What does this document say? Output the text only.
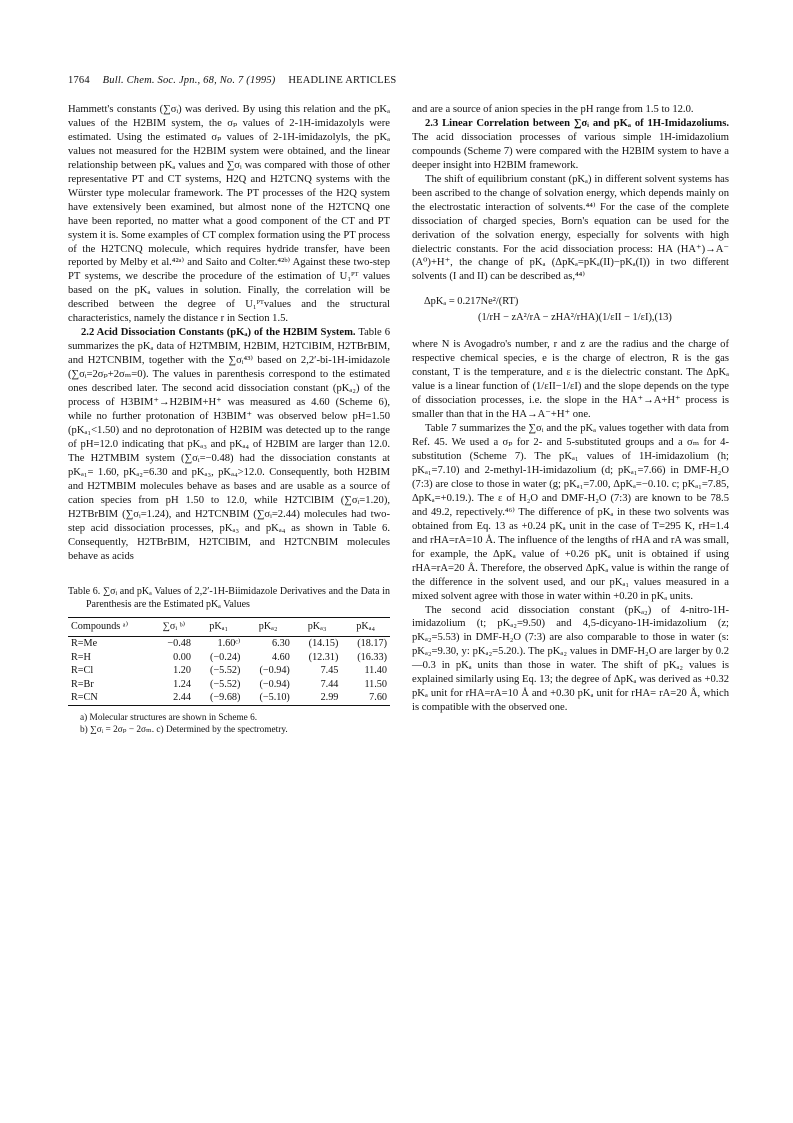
1764 Bull. Chem. Soc. Jpn., 68, No. 7 (1995) HEADLINE ARTICLES

Hammett's constants (∑σᵢ) was derived. By using this relation and the pKₐ values of the H2BIM system, the σₚ values of 2-1H-imidazolyls were estimated. Using the estimated σₚ values of 2-1H-imidazolyls, the pKₐ values not measured for the H2BIM system were obtained, and the linear relationship between pKₐ values and ∑σᵢ was compared with those of other representative PT and CT systems, H2Q and H2TCNQ systems with the Würster type molecular framework. The PT processes of the H2Q system have extensively been examined, but almost none of the H2TCNQ one have been reported, no matter what a good component of the CT and PT system it is. Some examples of CT complex formation using the PT process of the H2TCNQ molecule, which requires hydride transfer, have been reported by Melby et al.⁴²ᵃ⁾ and Saito and Colter.⁴²ᵇ⁾ Against these two-step PT systems, we describe the procedure of the estimation of U₁ᴾᵀ values based on the pKₐ values in solution. Finally, the correlation will be described between the degree of U₁ᴾᵀvalues and the structural characteristics, namely the distance r in Section 1.5.

2.2 Acid Dissociation Constants (pKₐ) of the H2BIM System. Table 6 summarizes the pKₐ data of H2TMBIM, H2BIM, H2TClBIM, H2TBrBIM, and H2TCNBIM, together with the ∑σᵢ⁴³⁾ based on 2,2′-bi-1H-imidazole (∑σᵢ=2σₚ+2σₘ=0). The values in parenthesis correspond to the estimated ones described later. The second acid dissociation constant (pKₐ₂) of the process of H3BIM⁺→H2BIM+H⁺ was measured as 4.60 (Scheme 6), while no further protonation of H3BIM⁺ was observed below pH=1.50 (pKₐ₁<1.50) and no deprotonation of H2BIM was detected up to the range of pH=12.0 indicating that pKₐ₃ and pKₐ₄ of H2BIM are larger than 12.0. The H2TMBIM system (∑σᵢ=−0.48) had the dissociation constants at pKₐ₁= 1.60, pKₐ₂=6.30 and pKₐ₃, pKₐ₄>12.0. Consequently, both H2BIM and H2TMBIM molecules behave as bases and are usable as a source of cation species from pH 1.50 to 12.0, while H2TClBIM (∑σᵢ=1.20), H2TBrBIM (∑σᵢ=1.24), and H2TCNBIM (∑σᵢ=2.44) molecules had two-step acid dissociation processes, pKₐ₃ and pKₐ₄ as shown in Table 6. Consequently, H2TBrBIM, H2TClBIM, and H2TCNBIM molecules behave as acids

Table 6. ∑σᵢ and pKₐ Values of 2,2′-1H-Biimidazole Derivatives and the Data in Parenthesis are the Estimated pKₐ Values
Compounds ᵃ⁾	∑σᵢ ᵇ⁾	pKₐ₁	pKₐ₂	pKₐ₃	pKₐ₄
R=Me	−0.48	1.60ᶜ⁾	6.30	(14.15)	(18.17)
R=H	0.00	(−0.24)	4.60	(12.31)	(16.33)
R=Cl	1.20	(−5.52)	(−0.94)	7.45	11.40
R=Br	1.24	(−5.52)	(−0.94)	7.44	11.50
R=CN	2.44	(−9.68)	(−5.10)	2.99	7.60
a) Molecular structures are shown in Scheme 6.
b) ∑σᵢ = 2σₚ − 2σₘ. c) Determined by the spectrometry.

and are a source of anion species in the pH range from 1.5 to 12.0.

2.3 Linear Correlation between ∑σᵢ and pKₐ of 1H-Imidazoliums. The acid dissociation processes of various simple 1H-imidazolium compounds (Scheme 7) were compared with the H2BIM system to have a deeper insight into H2BIM framework.

The shift of equilibrium constant (pKₐ) in different solvent systems has been ascribed to the change of solvation energy, which depends mainly on the electrostatic interaction of solvents.⁴⁴⁾ For the case of the complete dissociation of charged species, Born's equation can be used for the derivation of the solvation energy, especially for solvents with high dielectric constants. For the acid dissociation process: HA (HA⁺)→A⁻ (A⁰)+H⁺, the change of pKₐ (ΔpKₐ=pKₐ(II)−pKₐ(I)) in two different solvents (I and II) can be described as,⁴⁴⁾

ΔpKₐ = 0.217Ne²/(RT)
(1/rH − zA²/rA − zHA²/rHA)(1/εII − 1/εI),(13)

where N is Avogadro's number, r and z are the radius and the charge of respective chemical species, e is the charge of electron, R is the gas constant, T is the temperature, and ε is the dielectric constant. The ΔpKₐ value is a linear function of (1/εII−1/εI) and the slope depends on the type of dissociation processes, i.e. the slope in the HA⁺→A+H⁺ process is smaller than that in the HA→A⁻+H⁺ one.

Table 7 summarizes the ∑σᵢ and the pKₐ values together with data from Ref. 45. We used a σₚ for 2- and 5-substituted groups and a σₘ for 4-substitution (Scheme 7). The pKₐ₁ values of 1H-imidazolium (h; pKₐ₁=7.10) and 2-methyl-1H-imidazolium (d; pKₐ₁=7.66) in DMF-H₂O (7:3) are close to those in water (g; pKₐ₁=7.00, ΔpKₐ=−0.10. c; pKₐ₁=7.85, ΔpKₐ=+0.19.). The ε of H₂O and DMF-H₂O (7:3) are known to be 78.5 and 49.2, repectively.⁴⁶⁾ The difference of pKₐ in these two solvents was obtained from Eq. 13 as +0.24 pKₐ unit in the case of T=295 K, rH=1.4 and rHA=rA=10 Å. The influence of the lengths of rHA and rA was small, for example, the ΔpKₐ value of +0.26 pKₐ unit is obtained if using rHA=rA=20 Å. Therefore, the observed ΔpKₐ value is within the range of the difference in the solvent used, and our pKₐ₁ values measured in a mixed solvent agree with those in water within +0.20 in pKₐ units.

The second acid dissociation constant (pKₐ₂) of 4-nitro-1H-imidazolium (t; pKₐ₂=9.50) and 4,5-dicyano-1H-imidazolium (z; pKₐ₂=5.53) in DMF-H₂O (7:3) are also comparable to those in water (s: pKₐ₂=9.30, y: pKₐ₂=5.20.). The pKₐ₂ values in DMF-H₂O are larger by 0.2—0.3 in pKₐ units than those in water. The shift of pKₐ₂ values is explained similarly using Eq. 13; the degree of ΔpKₐ was derived as +0.32 pKₐ unit for rHA=rA=10 Å and +0.30 pKₐ unit for rHA= rA=20 Å, which is compatible with the observed one.
